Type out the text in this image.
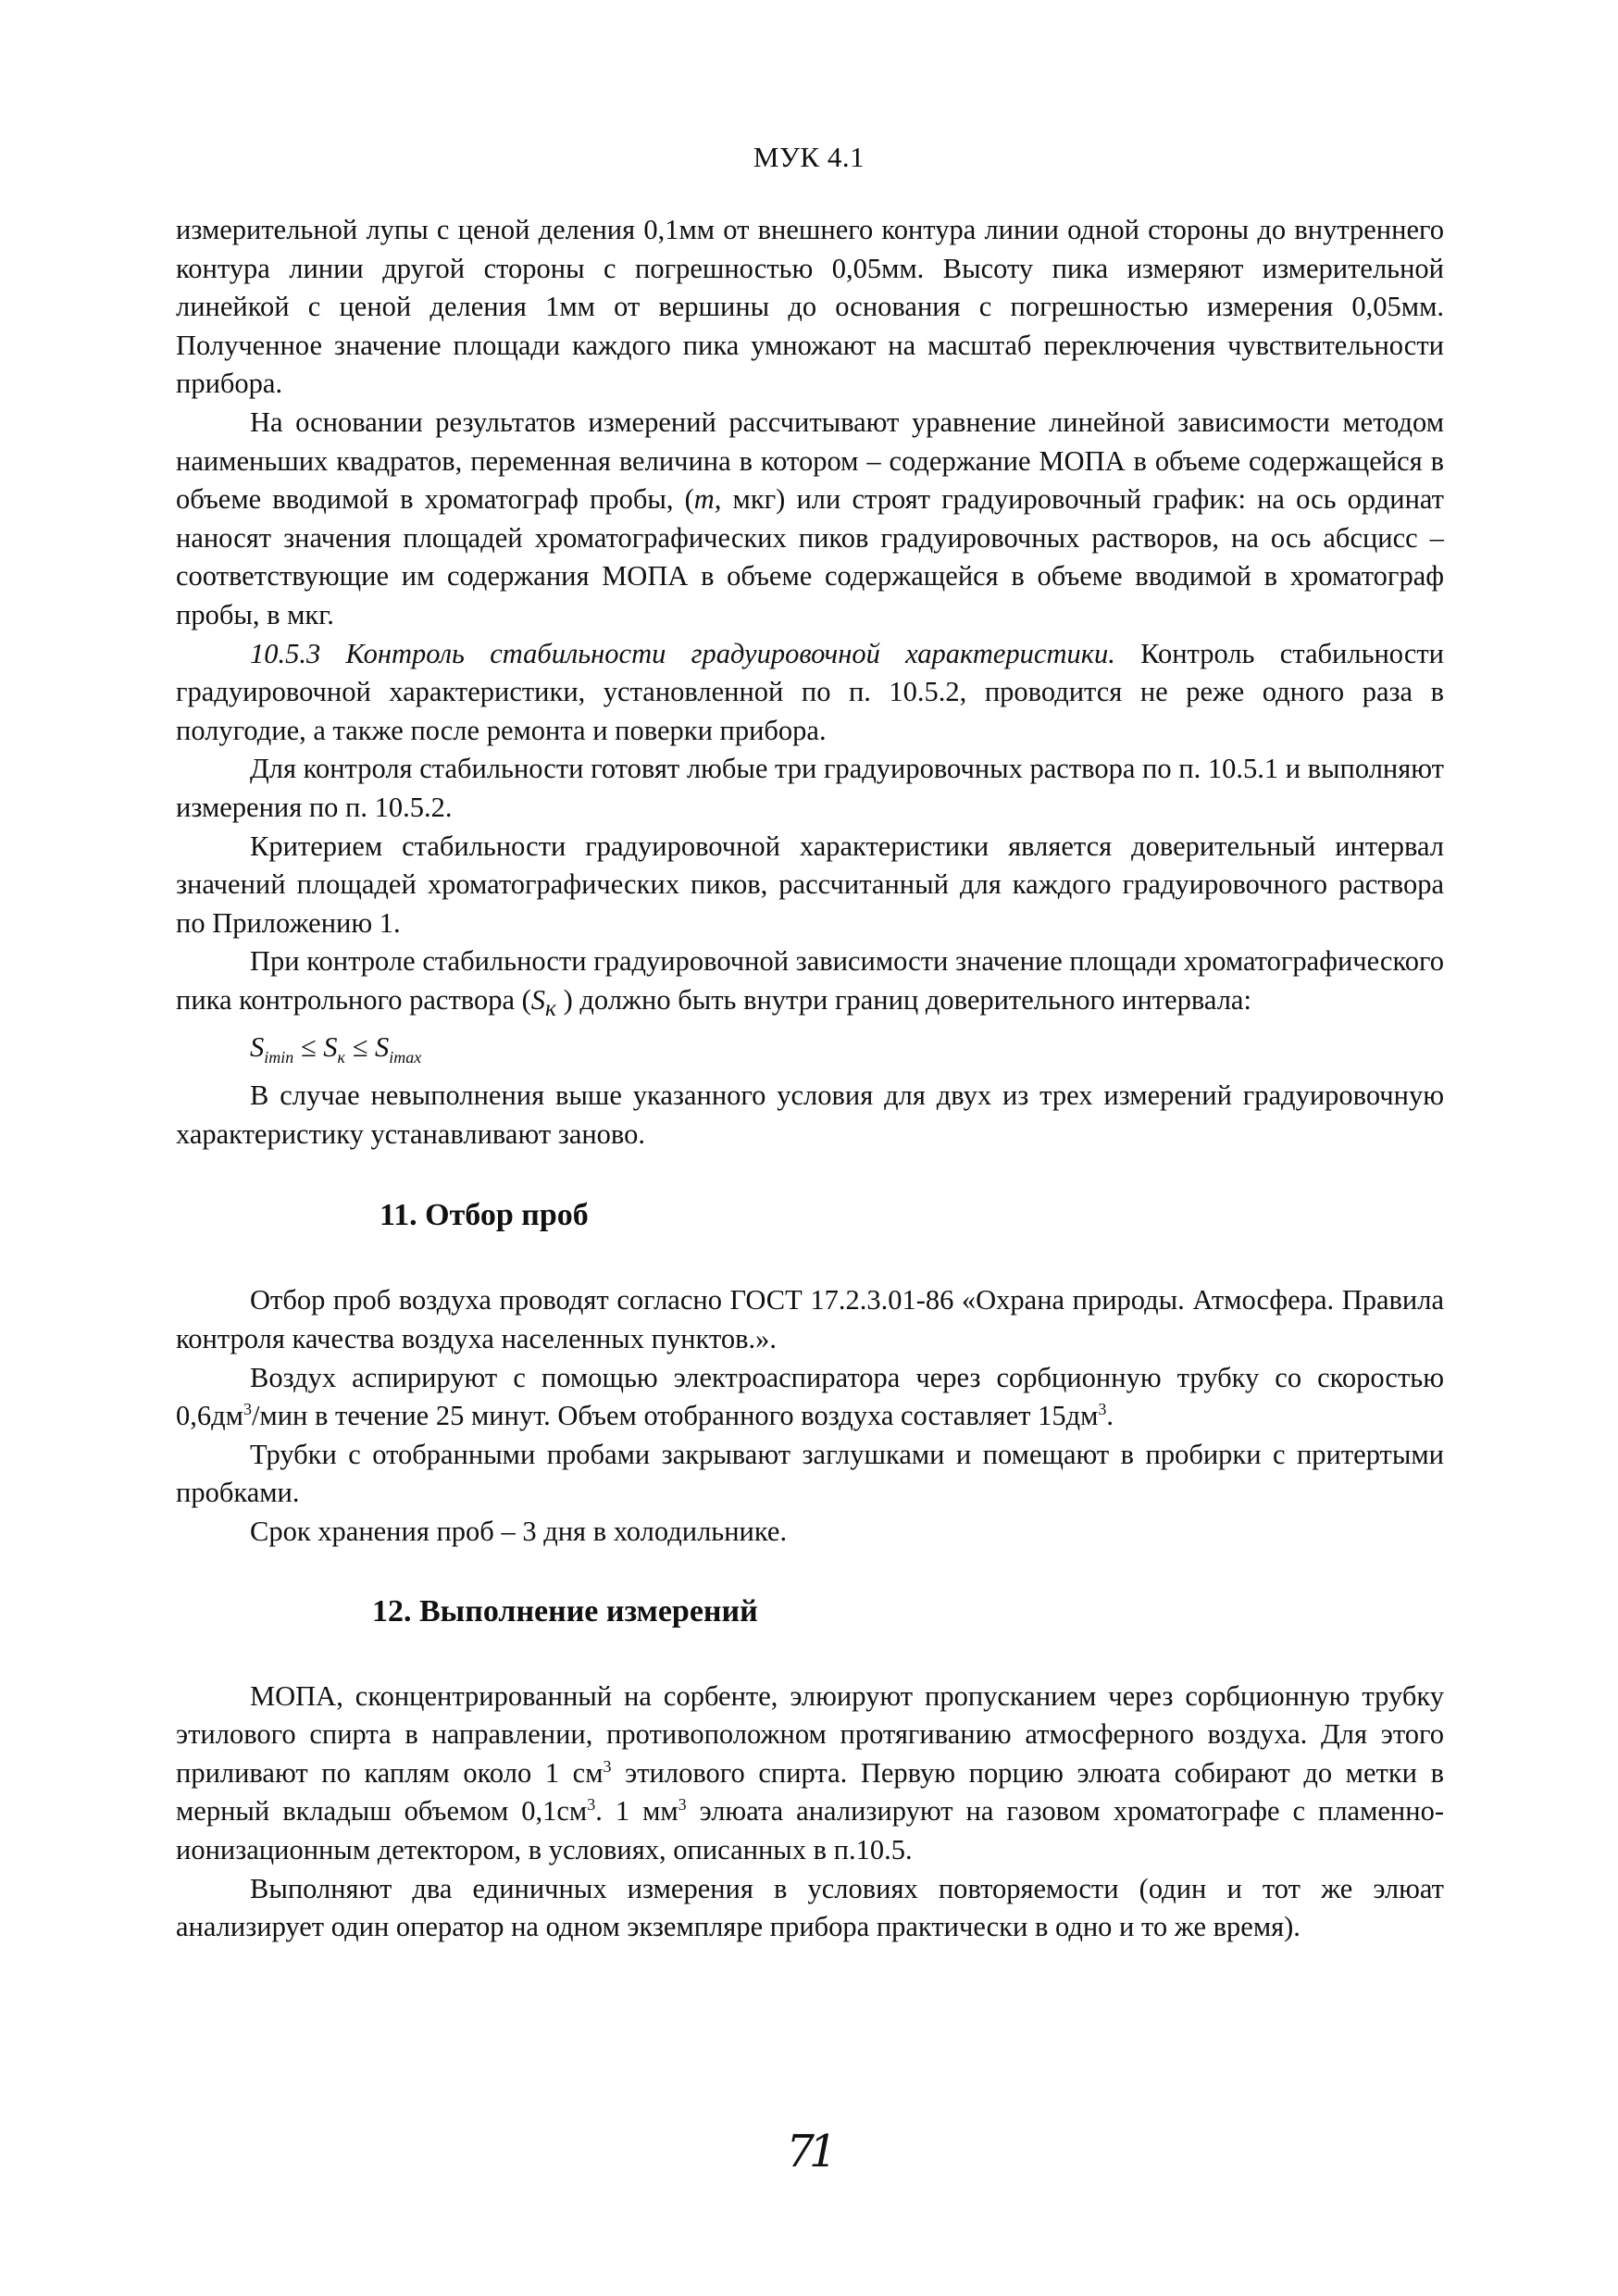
МУК 4.1

измерительной лупы с ценой деления 0,1мм от внешнего контура линии одной стороны до внутреннего контура линии другой стороны с погрешностью 0,05мм. Высоту пика измеряют измерительной линейкой с ценой деления 1мм от вершины до основания с погрешностью измерения 0,05мм. Полученное значение площади каждого пика умножают на масштаб переключения чувствительности прибора.

На основании результатов измерений рассчитывают уравнение линейной зависимости методом наименьших квадратов, переменная величина в котором – содержание МОПА в объеме содержащейся в объеме вводимой в хроматограф пробы, (m, мкг) или строят градуировочный график: на ось ординат наносят значения площадей хроматографических пиков градуировочных растворов, на ось абсцисс – соответствующие им содержания МОПА в объеме содержащейся в объеме вводимой в хроматограф пробы, в мкг.

10.5.3 Контроль стабильности градуировочной характеристики. Контроль стабильности градуировочной характеристики, установленной по п. 10.5.2, проводится не реже одного раза в полугодие, а также после ремонта и поверки прибора.

Для контроля стабильности готовят любые три градуировочных раствора по п. 10.5.1 и выполняют измерения по п. 10.5.2.

Критерием стабильности градуировочной характеристики является доверительный интервал значений площадей хроматографических пиков, рассчитанный для каждого градуировочного раствора по Приложению 1.

При контроле стабильности градуировочной зависимости значение площади хроматографического пика контрольного раствора ($S_к$ ) должно быть внутри границ доверительного интервала:

$S_{imin} \le S_к \le S_{imax}$

В случае невыполнения выше указанного условия для двух из трех измерений градуировочную характеристику устанавливают заново.

11. Отбор проб

Отбор проб воздуха проводят согласно ГОСТ 17.2.3.01-86 «Охрана природы. Атмосфера. Правила контроля качества воздуха населенных пунктов.».

Воздух аспирируют с помощью электроаспиратора через сорбционную трубку со скоростью $0,6дм^3$/мин в течение 25 минут. Объем отобранного воздуха составляет $15дм^3$.

Трубки с отобранными пробами закрывают заглушками и помещают в пробирки с притертыми пробками.

Срок хранения проб – 3 дня в холодильнике.

12. Выполнение измерений

МОПА, сконцентрированный на сорбенте, элюируют пропусканием через сорбционную трубку этилового спирта в направлении, противоположном протягиванию атмосферного воздуха. Для этого приливают по каплям около 1 $см^3$ этилового спирта. Первую порцию элюата собирают до метки в мерный вкладыш объемом $0,1см^3$. 1 $мм^3$ элюата анализируют на газовом хроматографе с пламенно-ионизационным детектором, в условиях, описанных в п.10.5.

Выполняют два единичных измерения в условиях повторяемости (один и тот же элюат анализирует один оператор на одном экземпляре прибора практически в одно и то же время).

71
